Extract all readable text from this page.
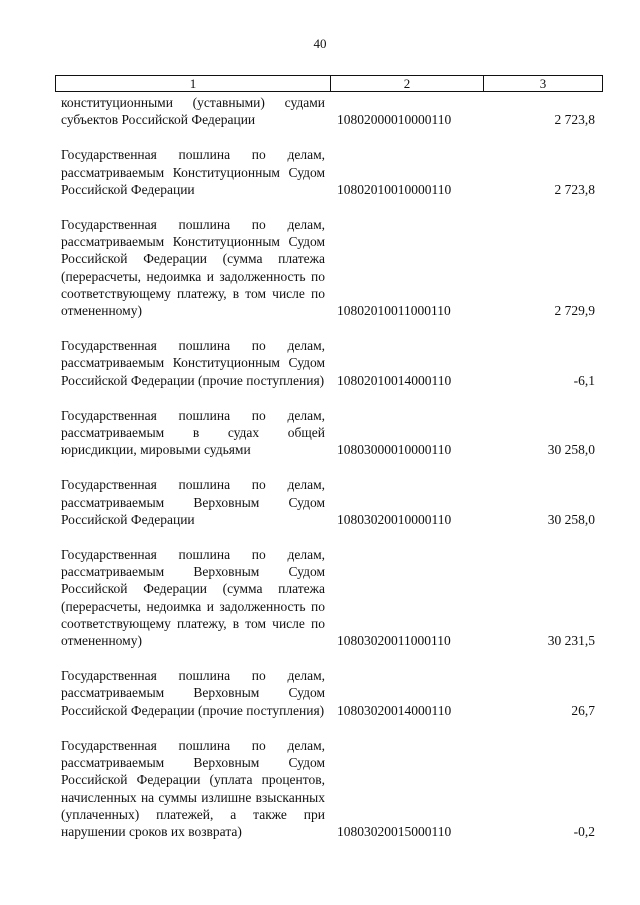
40
1	2	3
конституционными (уставными) судами субъектов Российской Федерации	10802000010000110	2 723,8
Государственная пошлина по делам, рассматриваемым Конституционным Судом Российской Федерации	10802010010000110	2 723,8
Государственная пошлина по делам, рассматриваемым Конституционным Судом Российской Федерации (сумма платежа (перерасчеты, недоимка и задолженность по соответствующему платежу, в том числе по отмененному)	10802010011000110	2 729,9
Государственная пошлина по делам, рассматриваемым Конституционным Судом Российской Федерации (прочие поступления) 10802010014000110	-6,1
Государственная пошлина по делам, рассматриваемым в судах общей юрисдикции, мировыми судьями	10803000010000110	30 258,0
Государственная пошлина по делам, рассматриваемым Верховным Судом Российской Федерации	10803020010000110	30 258,0
Государственная пошлина по делам, рассматриваемым Верховным Судом Российской Федерации (сумма платежа (перерасчеты, недоимка и задолженность по соответствующему платежу, в том числе по отмененному)	10803020011000110	30 231,5
Государственная пошлина по делам, рассматриваемым Верховным Судом Российской Федерации (прочие поступления) 10803020014000110	26,7
Государственная пошлина по делам, рассматриваемым Верховным Судом Российской Федерации (уплата процентов, начисленных на суммы излишне взысканных (уплаченных) платежей, а также при нарушении сроков их возврата)	10803020015000110	-0,2
